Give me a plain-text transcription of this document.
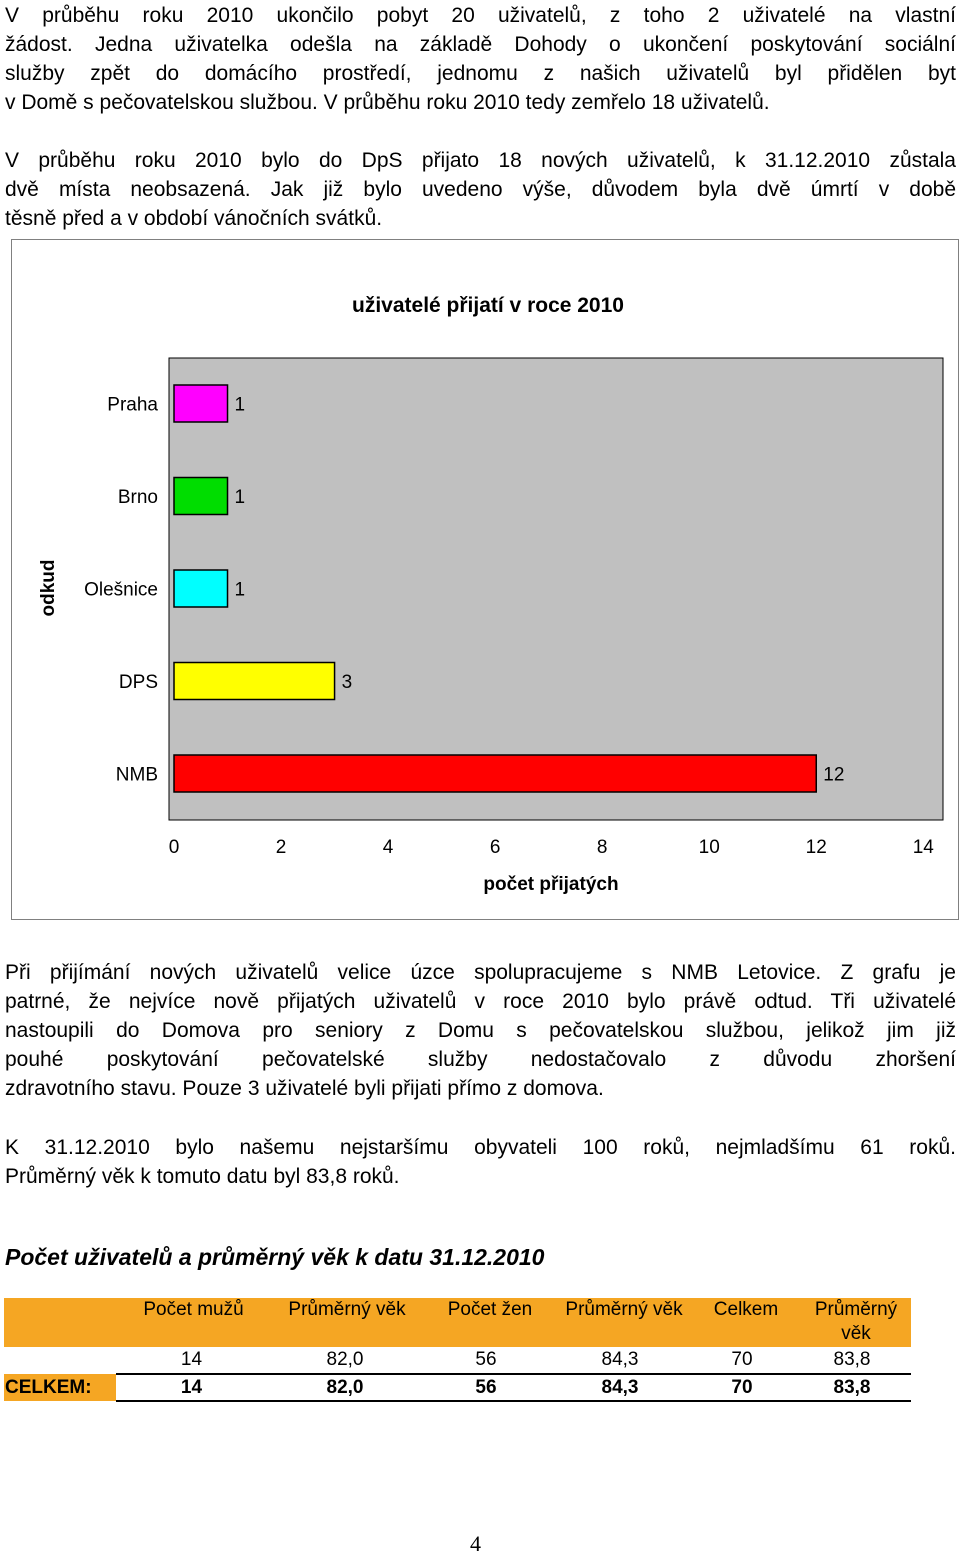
V průběhu roku 2010 ukončilo pobyt 20 uživatelů, z toho 2 uživatelé na vlastní
žádost. Jedna uživatelka odešla na základě Dohody o ukončení poskytování sociální
služby zpět do domácího prostředí, jednomu z našich uživatelů byl přidělen byt
v Domě s pečovatelskou službou. V průběhu roku 2010 tedy zemřelo 18 uživatelů.
V průběhu roku 2010 bylo do DpS přijato 18 nových uživatelů, k 31.12.2010 zůstala
dvě místa neobsazená. Jak již bylo uvedeno výše, důvodem byla dvě úmrtí v době
těsně před a v období vánočních svátků.
uživatelé přijatí v roce 2010
odkud
počet přijatých
Praha	1
Brno	1
Olešnice	1
DPS	3
NMB	12
0	2	4	6	8	10	12	14
Při přijímání nových uživatelů velice úzce spolupracujeme s NMB Letovice. Z grafu je
patrné, že nejvíce nově přijatých uživatelů v roce 2010 bylo právě odtud. Tři uživatelé
nastoupili do Domova pro seniory z Domu s pečovatelskou službou, jelikož jim již
pouhé poskytování pečovatelské služby nedostačovalo z důvodu zhoršení
zdravotního stavu. Pouze 3 uživatelé byli přijati přímo z domova.
K 31.12.2010 bylo našemu nejstaršímu obyvateli 100 roků, nejmladšímu 61 roků.
Průměrný věk k tomuto datu byl 83,8 roků.
Počet uživatelů a průměrný věk k datu 31.12.2010
	Počet mužů	Průměrný věk	Počet žen	Průměrný věk	Celkem	Průměrný věk
	14	82,0	56	84,3	70	83,8
CELKEM:	14	82,0	56	84,3	70	83,8
4
